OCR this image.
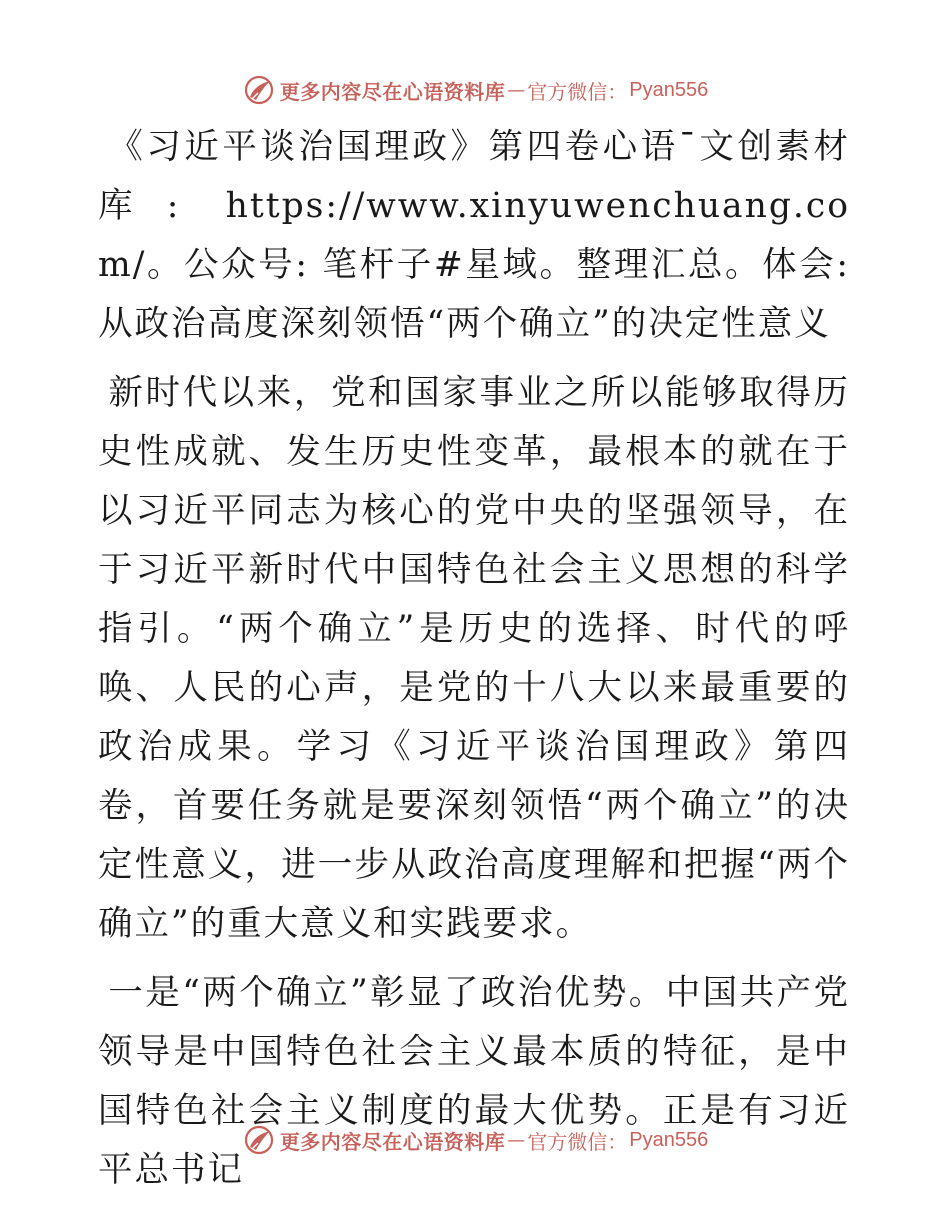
更多内容尽在心语资料库 — 官方微信： Pyan556

《习近平谈治国理政》第四卷心语¯文创素材库: https://www.xinyuwenchuang.com/。公众号: 笔杆子#星域。整理汇总。体会: 从政治高度深刻领悟“两个确立”的决定性意义

新时代以来，党和国家事业之所以能够取得历史性成就、发生历史性变革，最根本的就在于以习近平同志为核心的党中央的坚强领导，在于习近平新时代中国特色社会主义思想的科学指引。“两个确立”是历史的选择、时代的呼唤、人民的心声，是党的十八大以来最重要的政治成果。学习《习近平谈治国理政》第四卷，首要任务就是要深刻领悟“两个确立”的决定性意义，进一步从政治高度理解和把握“两个确立”的重大意义和实践要求。

一是“两个确立”彰显了政治优势。中国共产党领导是中国特色社会主义最本质的特征，是中国特色社会主义制度的最大优势。正是有习近平总书记

更多内容尽在心语资料库 — 官方微信： Pyan556
